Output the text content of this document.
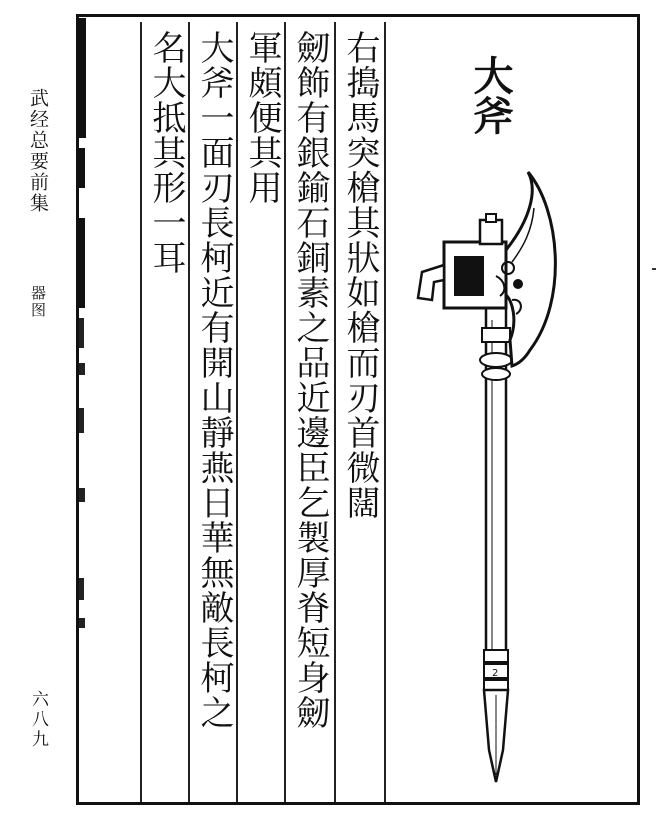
武经总要前集
器图
六八九
右搗馬突槍其狀如槍而刃首微闊
劒飾有銀鍮石銅素之品近邊臣乞製厚脊短身劒
軍頗便其用
大斧一面刃長柯近有開山靜燕日華無敵長柯之
名大抵其形一耳	大斧
2
